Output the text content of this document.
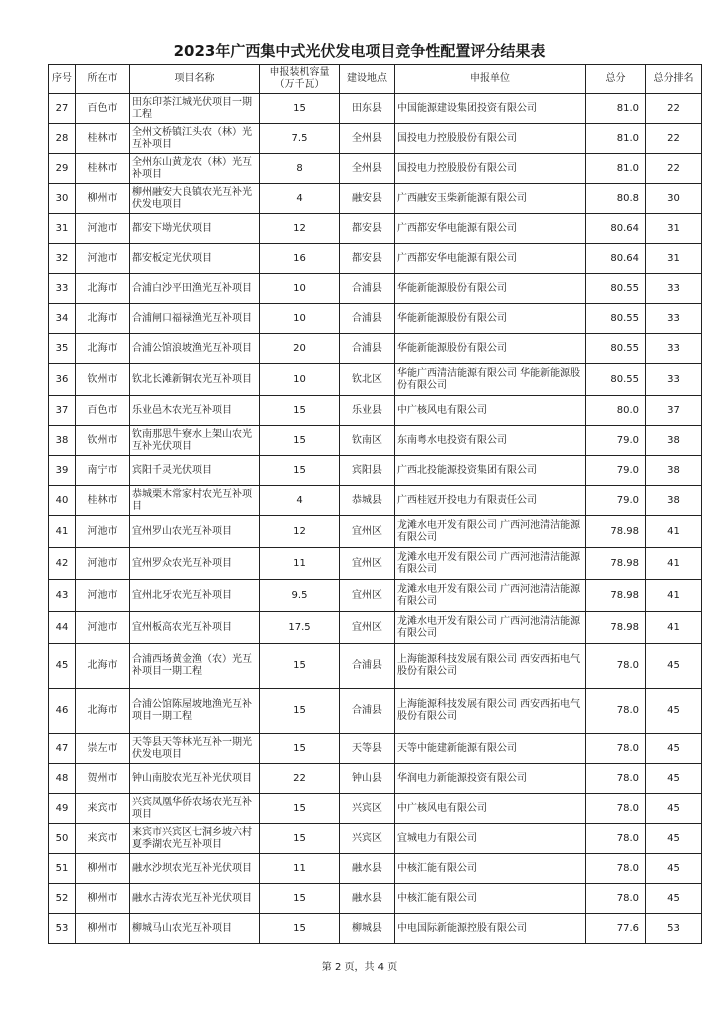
2023年广西集中式光伏发电项目竞争性配置评分结果表
序号	所在市	项目名称	申报装机容量（万千瓦）	建设地点	申报单位	总分	总分排名
27	百色市	田东印茶江城光伏项目一期工程	15	田东县	中国能源建设集团投资有限公司	81.0	22
28	桂林市	全州文桥镇江头农（林）光互补项目	7.5	全州县	国投电力控股股份有限公司	81.0	22
29	桂林市	全州东山黄龙农（林）光互补项目	8	全州县	国投电力控股股份有限公司	81.0	22
30	柳州市	柳州融安大良镇农光互补光伏发电项目	4	融安县	广西融安玉柴新能源有限公司	80.8	30
31	河池市	都安下坳光伏项目	12	都安县	广西都安华电能源有限公司	80.64	31
32	河池市	都安板定光伏项目	16	都安县	广西都安华电能源有限公司	80.64	31
33	北海市	合浦白沙平田渔光互补项目	10	合浦县	华能新能源股份有限公司	80.55	33
34	北海市	合浦闸口福禄渔光互补项目	10	合浦县	华能新能源股份有限公司	80.55	33
35	北海市	合浦公馆浪坡渔光互补项目	20	合浦县	华能新能源股份有限公司	80.55	33
36	钦州市	钦北长滩新铜农光互补项目	10	钦北区	华能广西清洁能源有限公司 华能新能源股份有限公司	80.55	33
37	百色市	乐业邑木农光互补项目	15	乐业县	中广核风电有限公司	80.0	37
38	钦州市	钦南那思牛寮水上架山农光互补光伏项目	15	钦南区	东南粤水电投资有限公司	79.0	38
39	南宁市	宾阳千灵光伏项目	15	宾阳县	广西北投能源投资集团有限公司	79.0	38
40	桂林市	恭城栗木常家村农光互补项目	4	恭城县	广西桂冠开投电力有限责任公司	79.0	38
41	河池市	宜州罗山农光互补项目	12	宜州区	龙滩水电开发有限公司 广西河池清洁能源有限公司	78.98	41
42	河池市	宜州罗众农光互补项目	11	宜州区	龙滩水电开发有限公司 广西河池清洁能源有限公司	78.98	41
43	河池市	宜州北牙农光互补项目	9.5	宜州区	龙滩水电开发有限公司 广西河池清洁能源有限公司	78.98	41
44	河池市	宜州板高农光互补项目	17.5	宜州区	龙滩水电开发有限公司 广西河池清洁能源有限公司	78.98	41
45	北海市	合浦西场黄金渔（农）光互补项目一期工程	15	合浦县	上海能源科技发展有限公司 西安西拓电气股份有限公司	78.0	45
46	北海市	合浦公馆陈屋坡地渔光互补项目一期工程	15	合浦县	上海能源科技发展有限公司 西安西拓电气股份有限公司	78.0	45
47	崇左市	天等县天等林光互补一期光伏发电项目	15	天等县	天等中能建新能源有限公司	78.0	45
48	贺州市	钟山南胶农光互补光伏项目	22	钟山县	华润电力新能源投资有限公司	78.0	45
49	来宾市	兴宾凤凰华侨农场农光互补项目	15	兴宾区	中广核风电有限公司	78.0	45
50	来宾市	来宾市兴宾区七洞乡坡六村夏季湖农光互补项目	15	兴宾区	宜城电力有限公司	78.0	45
51	柳州市	融水沙坝农光互补光伏项目	11	融水县	中核汇能有限公司	78.0	45
52	柳州市	融水古涛农光互补光伏项目	15	融水县	中核汇能有限公司	78.0	45
53	柳州市	柳城马山农光互补项目	15	柳城县	中电国际新能源控股有限公司	77.6	53
第 2 页，共 4 页
